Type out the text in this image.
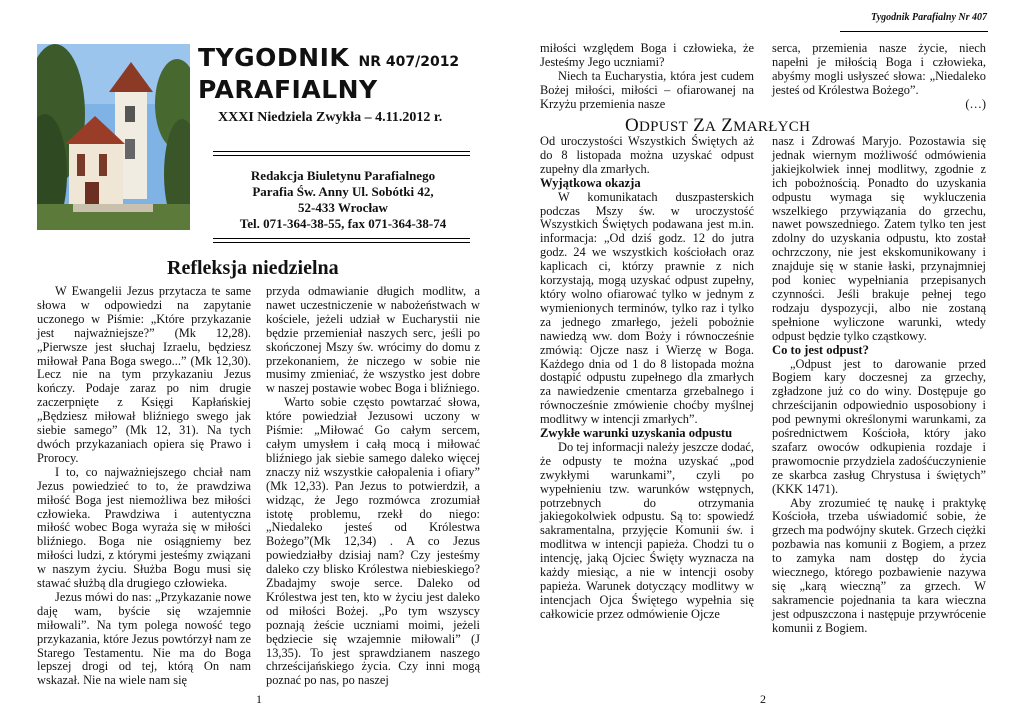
TYGODNIK NR 407/2012
PARAFIALNY
XXXI Niedziela Zwykła – 4.11.2012 r.
Redakcja Biuletynu Parafialnego
Parafia Św. Anny Ul. Sobótki 42,
52-433 Wrocław
Tel. 071-364-38-55, fax 071-364-38-74
Refleksja niedzielna

W Ewangelii Jezus przytacza te same słowa w odpowiedzi na zapytanie uczonego w Piśmie: „Które przykazanie jest najważniejsze?” (Mk 12,28). „Pierwsze jest słuchaj Izraelu, będziesz miłował Pana Boga swego...” (Mk 12,30). Lecz nie na tym przykazaniu Jezus kończy. Podaje zaraz po nim drugie zaczerpnięte z Księgi Kapłańskiej „Będziesz miłował bliźniego swego jak siebie samego” (Mk 12, 31). Na tych dwóch przykazaniach opiera się Prawo i Prorocy.

I to, co najważniejszego chciał nam Jezus powiedzieć to to, że prawdziwa miłość Boga jest niemożliwa bez miłości człowieka. Prawdziwa i autentyczna miłość wobec Boga wyraża się w miłości bliźniego. Boga nie osiągniemy bez miłości ludzi, z którymi jesteśmy związani w naszym życiu. Służba Bogu musi się stawać służbą dla drugiego człowieka.

Jezus mówi do nas: „Przykazanie nowe daję wam, byście się wzajemnie miłowali”. Na tym polega nowość tego przykazania, które Jezus powtórzył nam ze Starego Testamentu. Nie ma do Boga lepszej drogi od tej, którą On nam wskazał. Nie na wiele nam się

przyda odmawianie długich modlitw, a nawet uczestniczenie w nabożeństwach w kościele, jeżeli udział w Eucharystii nie będzie przemieniał naszych serc, jeśli po skończonej Mszy św. wrócimy do domu z przekonaniem, że niczego w sobie nie musimy zmieniać, że wszystko jest dobre w naszej postawie wobec Boga i bliźniego.

Warto sobie często powtarzać słowa, które powiedział Jezusowi uczony w Piśmie: „Miłować Go całym sercem, całym umysłem i całą mocą i miłować bliźniego jak siebie samego daleko więcej znaczy niż wszystkie całopalenia i ofiary” (Mk 12,33). Pan Jezus to potwierdził, a widząc, że Jego rozmówca zrozumiał istotę problemu, rzekł do niego: „Niedaleko jesteś od Królestwa Bożego”(Mk 12,34) . A co Jezus powiedziałby dzisiaj nam? Czy jesteśmy daleko czy blisko Królestwa niebieskiego? Zbadajmy swoje serce. Daleko od Królestwa jest ten, kto w życiu jest daleko od miłości Bożej. „Po tym wszyscy poznają żeście uczniami moimi, jeżeli będziecie się wzajemnie miłowali” (J 13,35). To jest sprawdzianem naszego chrześcijańskiego życia. Czy inni mogą poznać po nas, po naszej

1
Tygodnik Parafialny Nr 407

miłości względem Boga i człowieka, że Jesteśmy Jego uczniami?

Niech ta Eucharystia, która jest cudem Bożej miłości, miłości – ofiarowanej na Krzyżu przemienia nasze

serca, przemienia nasze życie, niech napełni je miłością Boga i człowieka, abyśmy mogli usłyszeć słowa: „Niedaleko jesteś od Królestwa Bożego”.

(…)
ODPUST ZA ZMARŁYCH

Od uroczystości Wszystkich Świętych aż do 8 listopada można uzyskać odpust zupełny dla zmarłych.

Wyjątkowa okazja

W komunikatach duszpasterskich podczas Mszy św. w uroczystość Wszystkich Świętych podawana jest m.in. informacja: „Od dziś godz. 12 do jutra godz. 24 we wszystkich kościołach oraz kaplicach ci, którzy prawnie z nich korzystają, mogą uzyskać odpust zupełny, który wolno ofiarować tylko w jednym z wymienionych terminów, tylko raz i tylko za jednego zmarłego, jeżeli pobożnie nawiedzą ww. dom Boży i równocześnie zmówią: Ojcze nasz i Wierzę w Boga. Każdego dnia od 1 do 8 listopada można dostąpić odpustu zupełnego dla zmarłych za nawiedzenie cmentarza grzebalnego i równocześnie zmówienie choćby myślnej modlitwy w intencji zmarłych”.

Zwykłe warunki uzyskania odpustu

Do tej informacji należy jeszcze dodać, że odpusty te można uzyskać „pod zwykłymi warunkami”, czyli po wypełnieniu tzw. warunków wstępnych, potrzebnych do otrzymania jakiegokolwiek odpustu. Są to: spowiedź sakramentalna, przyjęcie Komunii św. i modlitwa w intencji papieża. Chodzi tu o intencję, jaką Ojciec Święty wyznacza na każdy miesiąc, a nie w intencji osoby papieża. Warunek dotyczący modlitwy w intencjach Ojca Świętego wypełnia się całkowicie przez odmówienie Ojcze

nasz i Zdrowaś Maryjo. Pozostawia się jednak wiernym możliwość odmówienia jakiejkolwiek innej modlitwy, zgodnie z ich pobożnością. Ponadto do uzyskania odpustu wymaga się wykluczenia wszelkiego przywiązania do grzechu, nawet powszedniego. Zatem tylko ten jest zdolny do uzyskania odpustu, kto został ochrzczony, nie jest ekskomunikowany i znajduje się w stanie łaski, przynajmniej pod koniec wypełniania przepisanych czynności. Jeśli brakuje pełnej tego rodzaju dyspozycji, albo nie zostaną spełnione wyliczone warunki, wtedy odpust będzie tylko cząstkowy.

Co to jest odpust?

„Odpust jest to darowanie przed Bogiem kary doczesnej za grzechy, zgładzone już co do winy. Dostępuje go chrześcijanin odpowiednio usposobiony i pod pewnymi określonymi warunkami, za pośrednictwem Kościoła, który jako szafarz owoców odkupienia rozdaje i prawomocnie przydziela zadośćuczynienie ze skarbca zasług Chrystusa i świętych” (KKK 1471).

Aby zrozumieć tę naukę i praktykę Kościoła, trzeba uświadomić sobie, że grzech ma podwójny skutek. Grzech ciężki pozbawia nas komunii z Bogiem, a przez to zamyka nam dostęp do życia wiecznego, którego pozbawienie nazywa się „karą wieczną” za grzech. W sakramencie pojednania ta kara wieczna jest odpuszczona i następuje przywrócenie komunii z Bogiem.

2
